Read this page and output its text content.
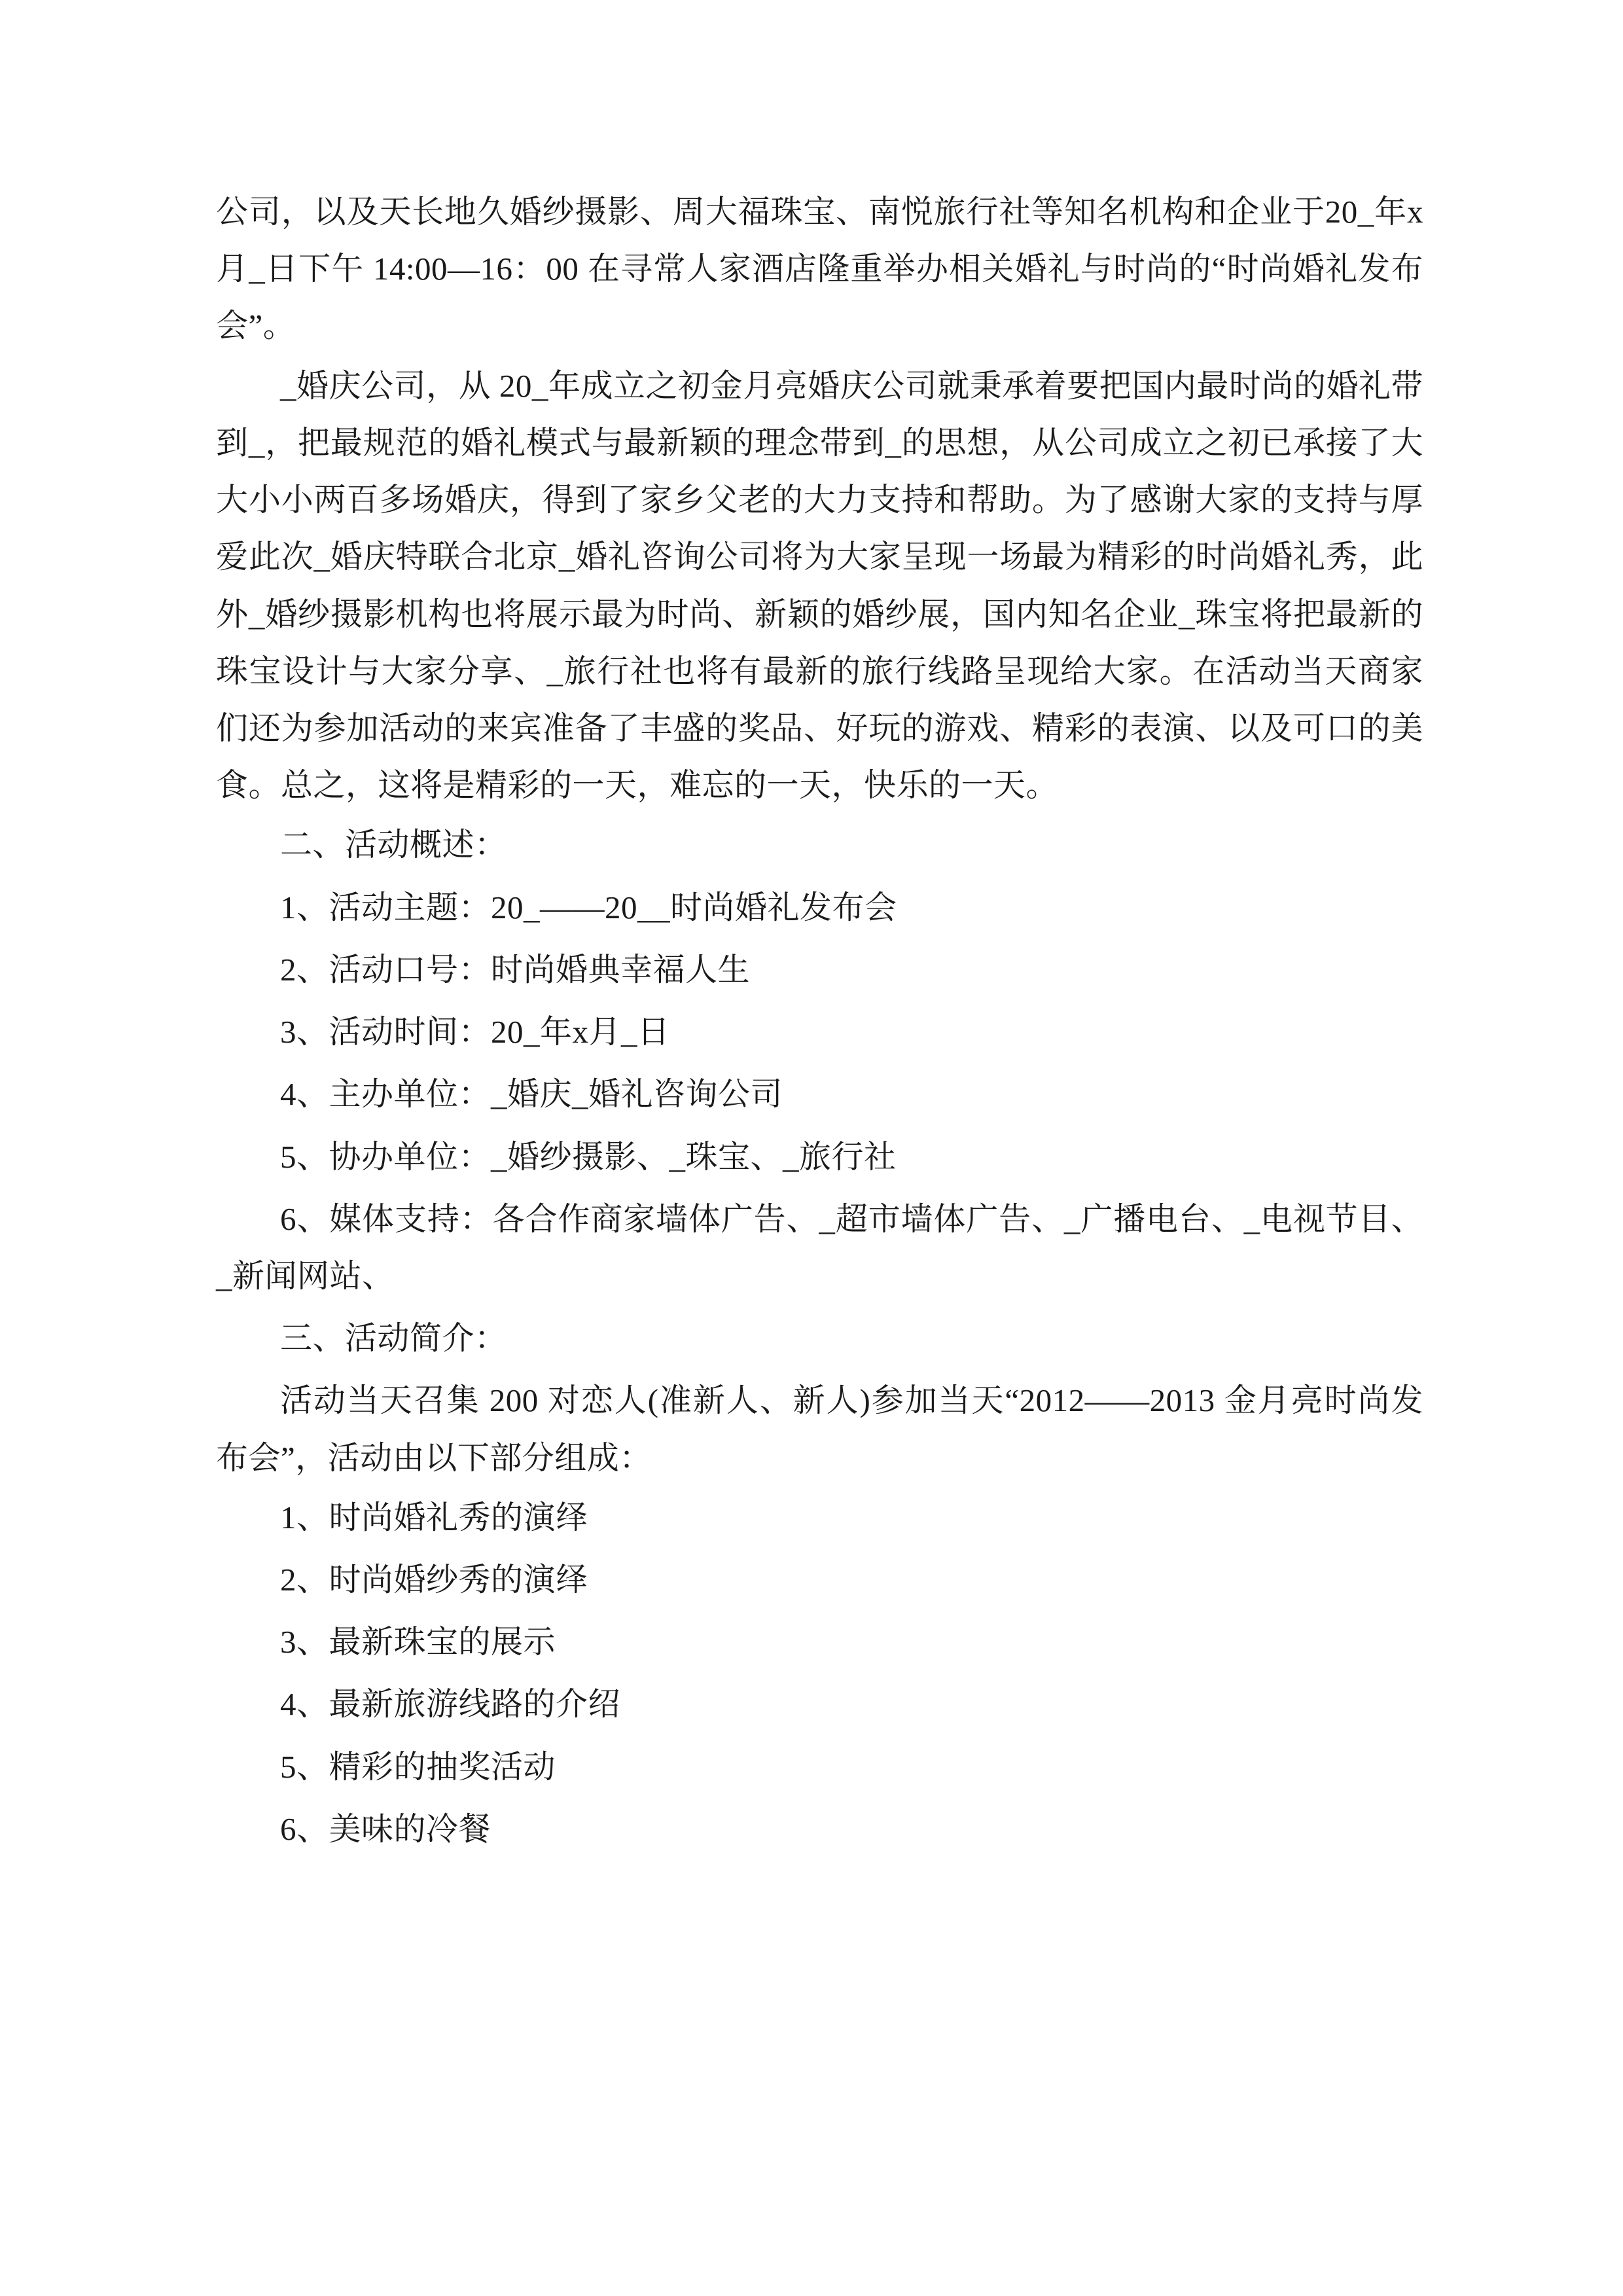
公司，以及天长地久婚纱摄影、周大福珠宝、南悦旅行社等知名机构和企业于20_年x月_日下午 14:00—16：00 在寻常人家酒店隆重举办相关婚礼与时尚的“时尚婚礼发布会”。

_婚庆公司，从 20_年成立之初金月亮婚庆公司就秉承着要把国内最时尚的婚礼带到_，把最规范的婚礼模式与最新颖的理念带到_的思想，从公司成立之初已承接了大大小小两百多场婚庆，得到了家乡父老的大力支持和帮助。为了感谢大家的支持与厚爱此次_婚庆特联合北京_婚礼咨询公司将为大家呈现一场最为精彩的时尚婚礼秀，此外_婚纱摄影机构也将展示最为时尚、新颖的婚纱展，国内知名企业_珠宝将把最新的珠宝设计与大家分享、_旅行社也将有最新的旅行线路呈现给大家。在活动当天商家们还为参加活动的来宾准备了丰盛的奖品、好玩的游戏、精彩的表演、以及可口的美食。总之，这将是精彩的一天，难忘的一天，快乐的一天。

二、活动概述：

1、活动主题：20_——20__时尚婚礼发布会

2、活动口号：时尚婚典幸福人生

3、活动时间：20_年x月_日

4、主办单位：_婚庆_婚礼咨询公司

5、协办单位：_婚纱摄影、_珠宝、_旅行社

6、媒体支持：各合作商家墙体广告、_超市墙体广告、_广播电台、_电视节目、_新闻网站、

三、活动简介：

活动当天召集 200 对恋人(准新人、新人)参加当天“2012——2013 金月亮时尚发布会”，活动由以下部分组成：

1、时尚婚礼秀的演绎

2、时尚婚纱秀的演绎

3、最新珠宝的展示

4、最新旅游线路的介绍

5、精彩的抽奖活动

6、美味的冷餐
